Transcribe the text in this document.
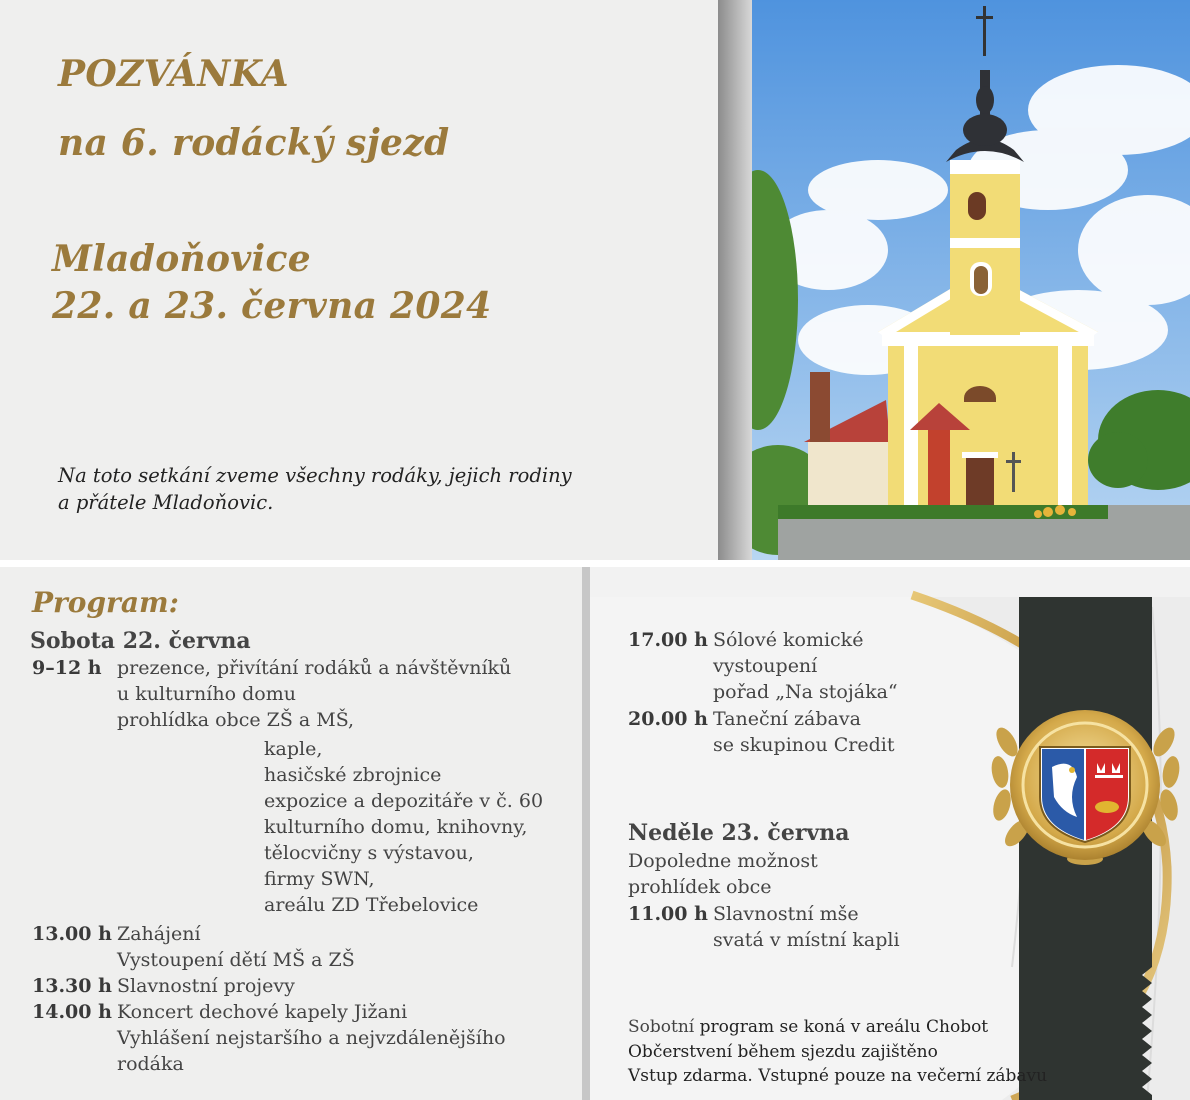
POZVÁNKA
na 6. rodácký sjezd
Mladoňovice
22. a 23. června 2024
Na toto setkání zveme všechny rodáky, jejich rodiny
a přátele Mladoňovic.
Program:
Sobota 22. června
9–12 h prezence, přivítání rodáků a návštěvníků
u kulturního domu
prohlídka obce ZŠ a MŠ,
kaple,
hasičské zbrojnice
expozice a depozitáře v č. 60
kulturního domu, knihovny,
tělocvičny s výstavou,
firmy SWN,
areálu ZD Třebelovice
13.00 h Zahájení
Vystoupení dětí MŠ a ZŠ
13.30 h Slavnostní projevy
14.00 h Koncert dechové kapely Jižani
Vyhlášení nejstaršího a nejvzdálenějšího
rodáka
17.00 h Sólové komické
vystoupení
pořad „Na stojáka“
20.00 h Taneční zábava
se skupinou Credit
Neděle 23. června
Dopoledne možnost
prohlídek obce
11.00 h Slavnostní mše
svatá v místní kapli
Sobotní program se koná v areálu Chobot
Občerstvení během sjezdu zajištěno
Vstup zdarma. Vstupné pouze na večerní zábavu
